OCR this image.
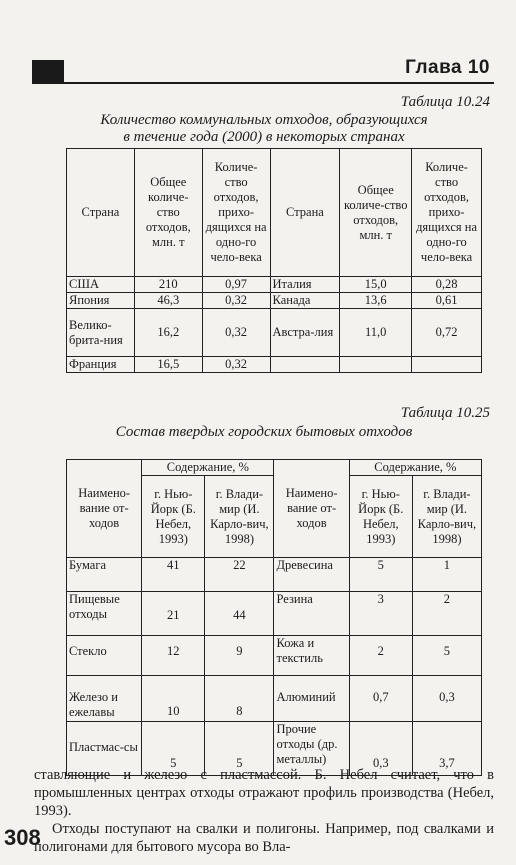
Глава 10
Таблица 10.24
Количество коммунальных отходов, образующихся
в течение года (2000) в некоторых странах
Страна	Общее количе-ство отходов, млн. т	Количе-ство отходов, прихо-дящихся на одно-го чело-века	Страна	Общее количе-ство отходов, млн. т	Количе-ство отходов, прихо-дящихся на одно-го чело-века
США	210	0,97	Италия	15,0	0,28
Япония	46,3	0,32	Канада	13,6	0,61
Велико-брита-ния	16,2	0,32	Австра-лия	11,0	0,72
Франция	16,5	0,32			
Таблица 10.25
Состав твердых городских бытовых отходов
Наимено-вание от-ходов	Содержание, %		Наимено-вание от-ходов	Содержание, %	
	г. Нью-Йорк (Б. Небел, 1993)	г. Влади-мир (И. Карло-вич, 1998)		г. Нью-Йорк (Б. Небел, 1993)	г. Влади-мир (И. Карло-вич, 1998)
Бумага	41	22	Древесина	5	1
Пищевые отходы	21	44	Резина	3	2
Стекло	12	9	Кожа и текстиль	2	5
Железо и ежелавы	10	8	Алюминий	0,7	0,3
Пластмас-сы	5	5	Прочие отходы (др. металлы)	0,3	3,7
ставляющие и железо с пластмассой. Б. Небел считает, что в промышленных центрах отходы отражают профиль производства (Небел, 1993).
Отходы поступают на свалки и полигоны. Например, под свалками и полигонами для бытового мусора во Вла-
308
